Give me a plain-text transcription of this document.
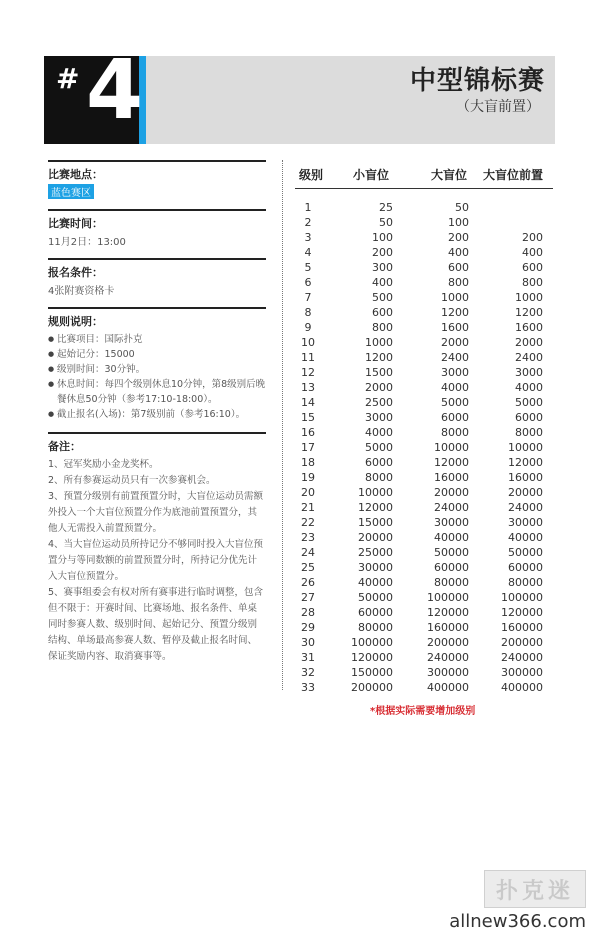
# 4	中型锦标赛
（大盲前置）
比赛地点：
蓝色赛区
比赛时间：
11月2日：13:00
报名条件：
4张附赛资格卡
规则说明：
● 比赛项目：国际扑克
● 起始记分：15000
● 级别时间：30分钟。
● 休息时间：每四个级别休息10分钟，第8级别后晚餐休息50分钟（参考17:10-18:00）。
● 截止报名(入场)：第7级别前（参考16:10）。
备注：

1、冠军奖励小金龙奖杯。

2、所有参赛运动员只有一次参赛机会。

3、预置分级别有前置预置分时，大盲位运动员需额外投入一个大盲位预置分作为底池前置预置分，其他人无需投入前置预置分。

4、当大盲位运动员所持记分不够同时投入大盲位预置分与等同数额的前置预置分时，所持记分优先计入大盲位预置分。

5、赛事组委会有权对所有赛事进行临时调整，包含但不限于：开赛时间、比赛场地、报名条件、单桌同时参赛人数、级别时间、起始记分、预置分级别结构、单场最高参赛人数、暂停及截止报名时间、保证奖励内容、取消赛事等。

级别 小盲位	大盲位 大盲位前置
1	25	50
2	50	100
3	100	200	200
4	200	400	400
5	300	600	600
6	400	800	800
7	500	1000	1000
8	600	1200	1200
9	800	1600	1600
10	1000	2000	2000
11	1200	2400	2400
12	1500	3000	3000
13	2000	4000	4000
14	2500	5000	5000
15	3000	6000	6000
16	4000	8000	8000
17	5000	10000	10000
18	6000	12000	12000
19	8000	16000	16000
20	10000	20000	20000
21	12000	24000	24000
22	15000	30000	30000
23	20000	40000	40000
24	25000	50000	50000
25	30000	60000	60000
26	40000	80000	80000
27	50000	100000	100000
28	60000	120000	120000
29	80000	160000	160000
30	100000	200000	200000
31	120000	240000	240000
32	150000	300000	300000
33	200000	400000	400000
*根据实际需要增加级别
扑克迷
allnew366.com
